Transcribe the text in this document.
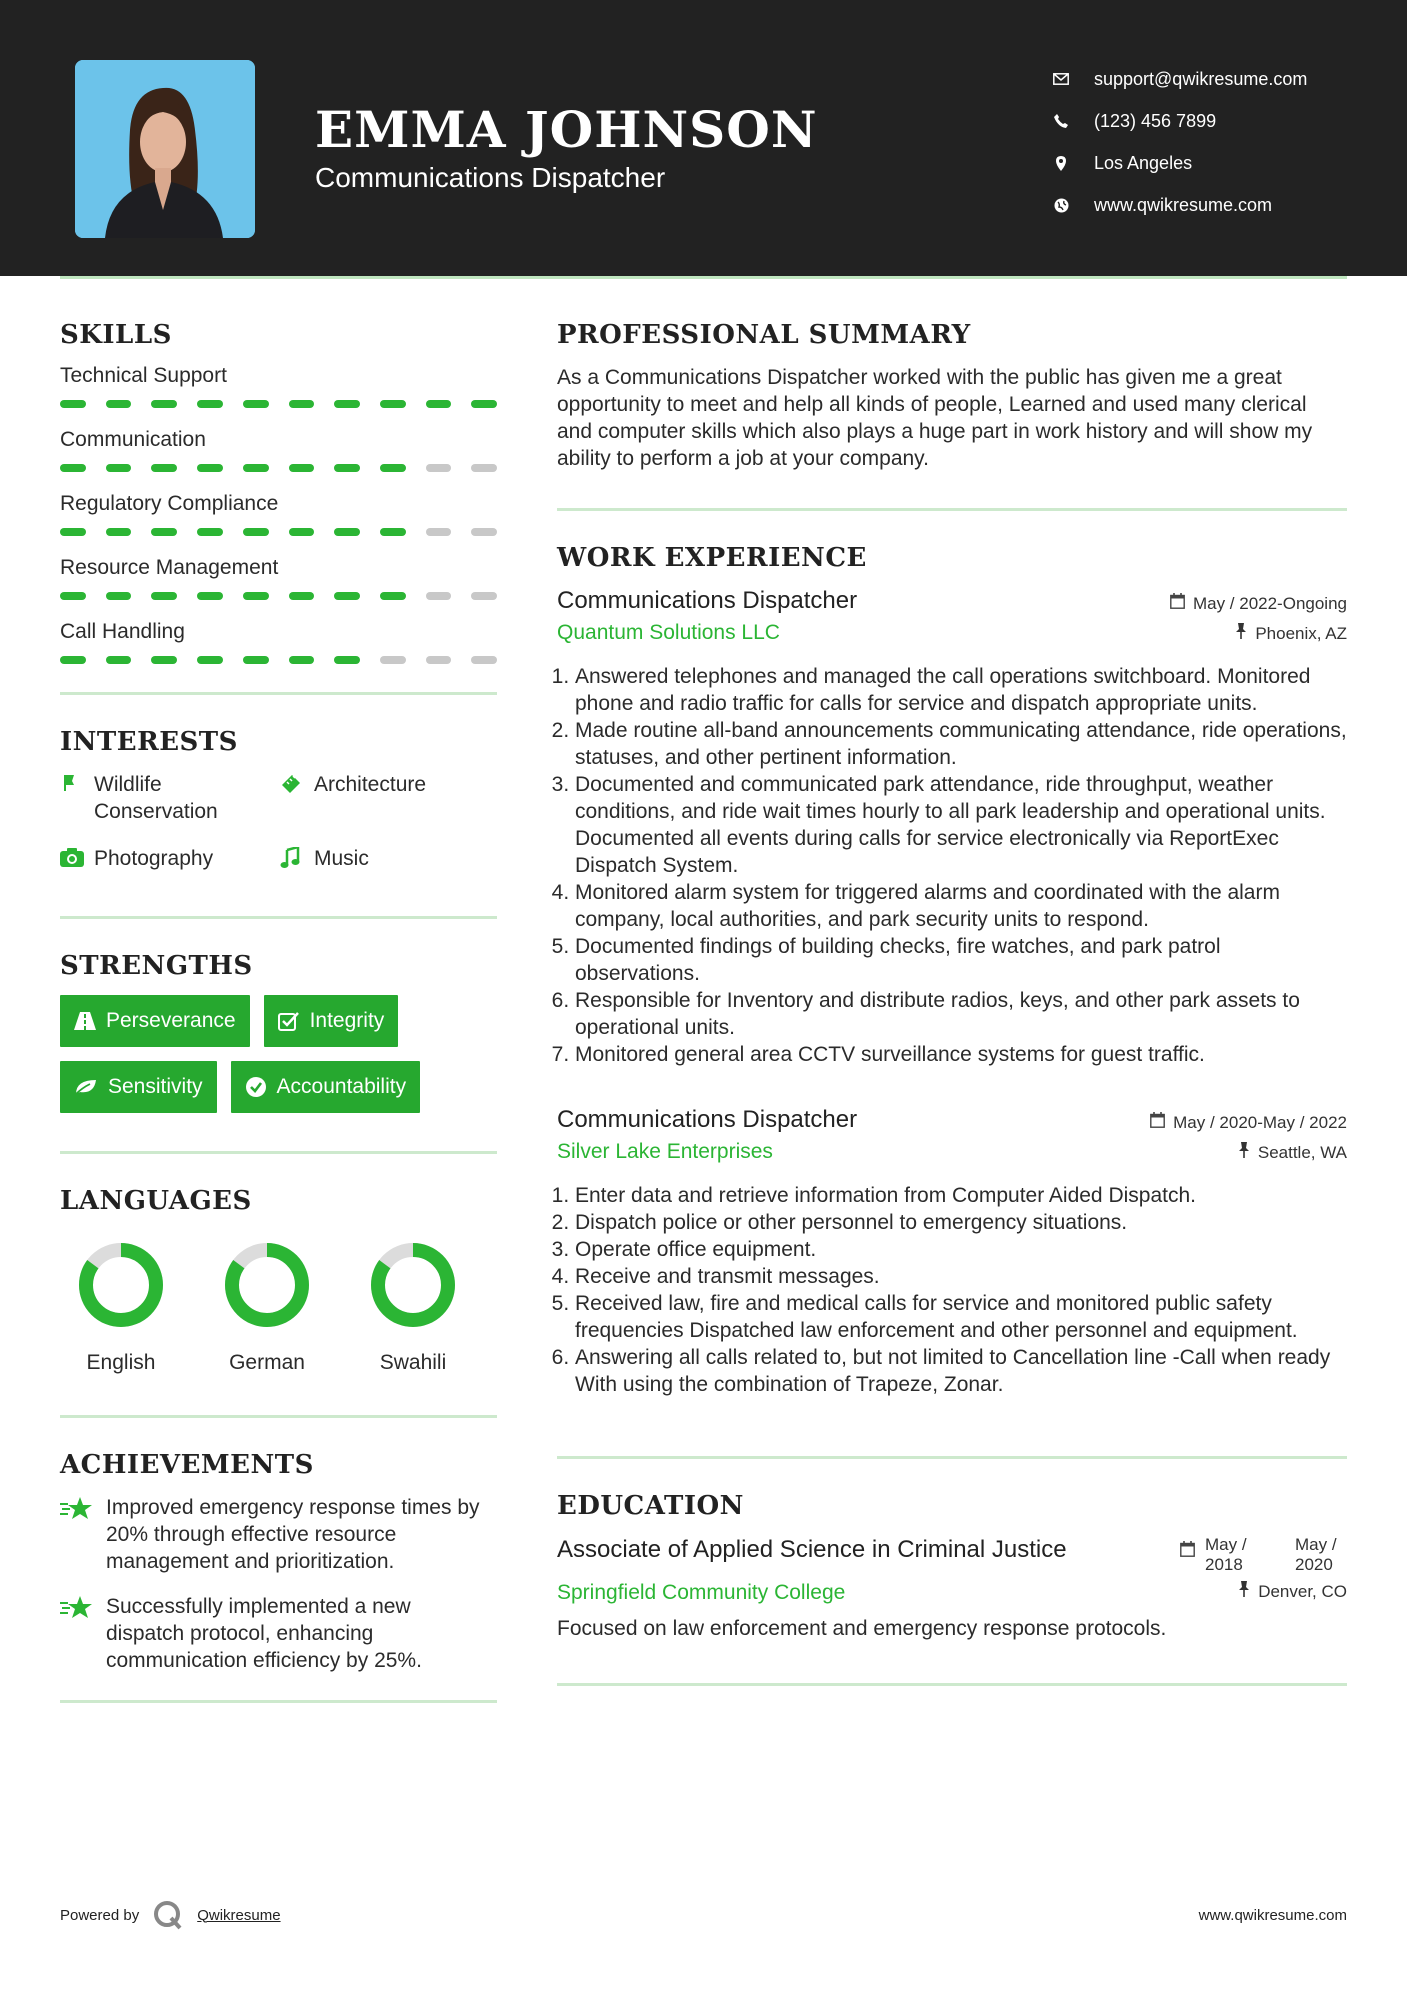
EMMA JOHNSON
Communications Dispatcher
support@qwikresume.com
(123) 456 7899
Los Angeles
www.qwikresume.com
SKILLS
Technical Support
Communication
Regulatory Compliance
Resource Management
Call Handling
INTERESTS
Wildlife Conservation
Architecture
Photography	Music
STRENGTHS
Perseverance	Integrity
Sensitivity	Accountability
LANGUAGES
English	German	Swahili
ACHIEVEMENTS
Improved emergency response times by 20% through effective resource management and prioritization.
Successfully implemented a new dispatch protocol, enhancing communication efficiency by 25%.
PROFESSIONAL SUMMARY
As a Communications Dispatcher worked with the public has given me a great opportunity to meet and help all kinds of people, Learned and used many clerical and computer skills which also plays a huge part in work history and will show my ability to perform a job at your company.
WORK EXPERIENCE
Communications Dispatcher	May / 2022-Ongoing
Quantum Solutions LLC	Phoenix, AZ
1. Answered telephones and managed the call operations switchboard. Monitored phone and radio traffic for calls for service and dispatch appropriate units.
2. Made routine all-band announcements communicating attendance, ride operations, statuses, and other pertinent information.
3. Documented and communicated park attendance, ride throughput, weather conditions, and ride wait times hourly to all park leadership and operational units. Documented all events during calls for service electronically via ReportExec Dispatch System.
4. Monitored alarm system for triggered alarms and coordinated with the alarm company, local authorities, and park security units to respond.
5. Documented findings of building checks, fire watches, and park patrol observations.
6. Responsible for Inventory and distribute radios, keys, and other park assets to operational units.
7. Monitored general area CCTV surveillance systems for guest traffic.
Communications Dispatcher	May / 2020-May / 2022
Silver Lake Enterprises	Seattle, WA
1. Enter data and retrieve information from Computer Aided Dispatch.
2. Dispatch police or other personnel to emergency situations.
3. Operate office equipment.
4. Receive and transmit messages.
5. Received law, fire and medical calls for service and monitored public safety frequencies Dispatched law enforcement and other personnel and equipment.
6. Answering all calls related to, but not limited to Cancellation line -Call when ready With using the combination of Trapeze, Zonar.
EDUCATION
Associate of Applied Science in Criminal Justice	May / 2018
May / 2020
Springfield Community College	Denver, CO
Focused on law enforcement and emergency response protocols.
Powered by	Qwikresume	www.qwikresume.com
